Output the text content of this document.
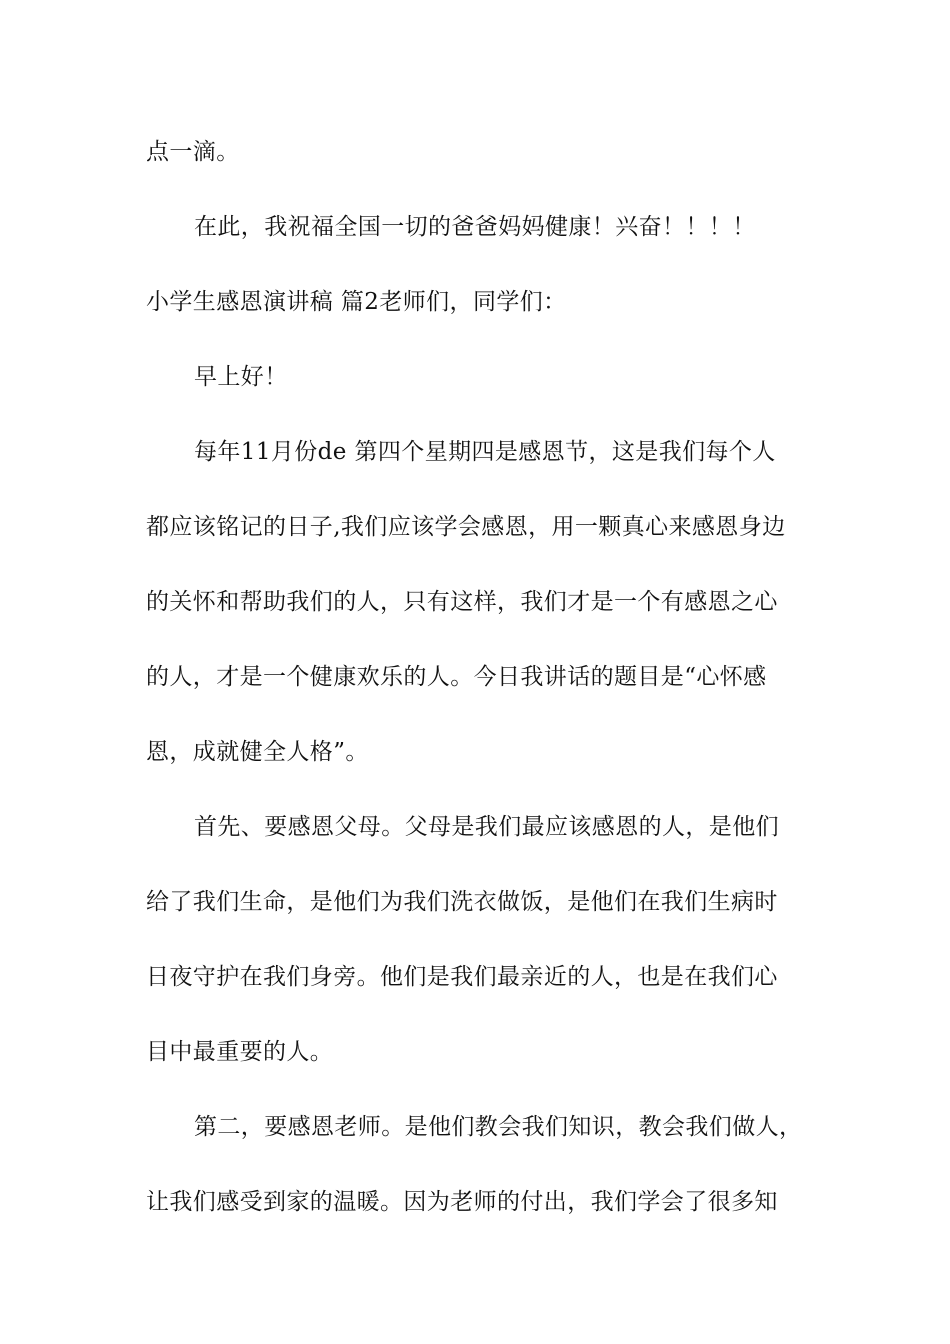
点一滴。
在此，我祝福全国一切的爸爸妈妈健康！兴奋！！！！
小学生感恩演讲稿 篇2老师们，同学们：
早上好！
每年11月份de 第四个星期四是感恩节，这是我们每个人
都应该铭记的日子,我们应该学会感恩，用一颗真心来感恩身边
的关怀和帮助我们的人，只有这样，我们才是一个有感恩之心
的人，才是一个健康欢乐的人。今日我讲话的题目是“心怀感
恩，成就健全人格”。
首先、要感恩父母。父母是我们最应该感恩的人，是他们
给了我们生命，是他们为我们洗衣做饭，是他们在我们生病时
日夜守护在我们身旁。他们是我们最亲近的人，也是在我们心
目中最重要的人。
第二，要感恩老师。是他们教会我们知识，教会我们做人，
让我们感受到家的温暖。因为老师的付出，我们学会了很多知
